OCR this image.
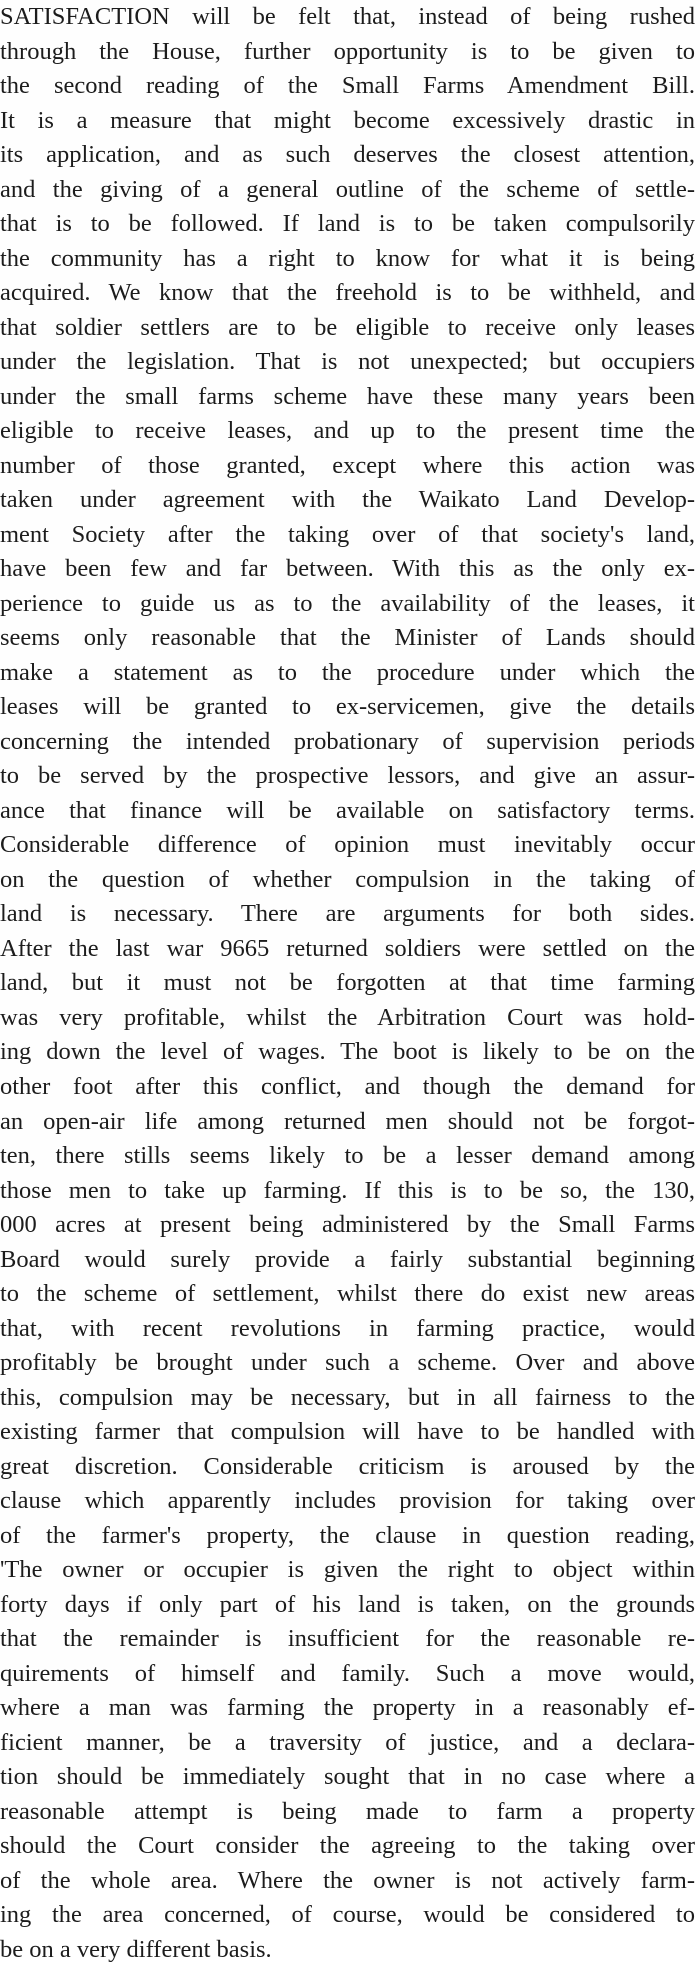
SATISFACTION will be felt that, instead of being rushed
through the House, further opportunity is to be given to
the second reading of the Small Farms Amendment Bill.
It is a measure that might become excessively drastic in
its application, and as such deserves the closest attention,
and the giving of a general outline of the scheme of settle-
that is to be followed. If land is to be taken compulsorily
the community has a right to know for what it is being
acquired. We know that the freehold is to be withheld, and
that soldier settlers are to be eligible to receive only leases
under the legislation. That is not unexpected; but occupiers
under the small farms scheme have these many years been
eligible to receive leases, and up to the present time the
number of those granted, except where this action was
taken under agreement with the Waikato Land Develop-
ment Society after the taking over of that society's land,
have been few and far between. With this as the only ex-
perience to guide us as to the availability of the leases, it
seems only reasonable that the Minister of Lands should
make a statement as to the procedure under which the
leases will be granted to ex-servicemen, give the details
concerning the intended probationary of supervision periods
to be served by the prospective lessors, and give an assur-
ance that finance will be available on satisfactory terms.
Considerable difference of opinion must inevitably occur
on the question of whether compulsion in the taking of
land is necessary. There are arguments for both sides.
After the last war 9665 returned soldiers were settled on the
land, but it must not be forgotten at that time farming
was very profitable, whilst the Arbitration Court was hold-
ing down the level of wages. The boot is likely to be on the
other foot after this conflict, and though the demand for
an open-air life among returned men should not be forgot-
ten, there stills seems likely to be a lesser demand among
those men to take up farming. If this is to be so, the 130,
000 acres at present being administered by the Small Farms
Board would surely provide a fairly substantial beginning
to the scheme of settlement, whilst there do exist new areas
that, with recent revolutions in farming practice, would
profitably be brought under such a scheme. Over and above
this, compulsion may be necessary, but in all fairness to the
existing farmer that compulsion will have to be handled with
great discretion. Considerable criticism is aroused by the
clause which apparently includes provision for taking over
of the farmer's property, the clause in question reading,
'The owner or occupier is given the right to object within
forty days if only part of his land is taken, on the grounds
that the remainder is insufficient for the reasonable re-
quirements of himself and family. Such a move would,
where a man was farming the property in a reasonably ef-
ficient manner, be a traversity of justice, and a declara-
tion should be immediately sought that in no case where a
reasonable attempt is being made to farm a property
should the Court consider the agreeing to the taking over
of the whole area. Where the owner is not actively farm-
ing the area concerned, of course, would be considered to
be on a very different basis.
